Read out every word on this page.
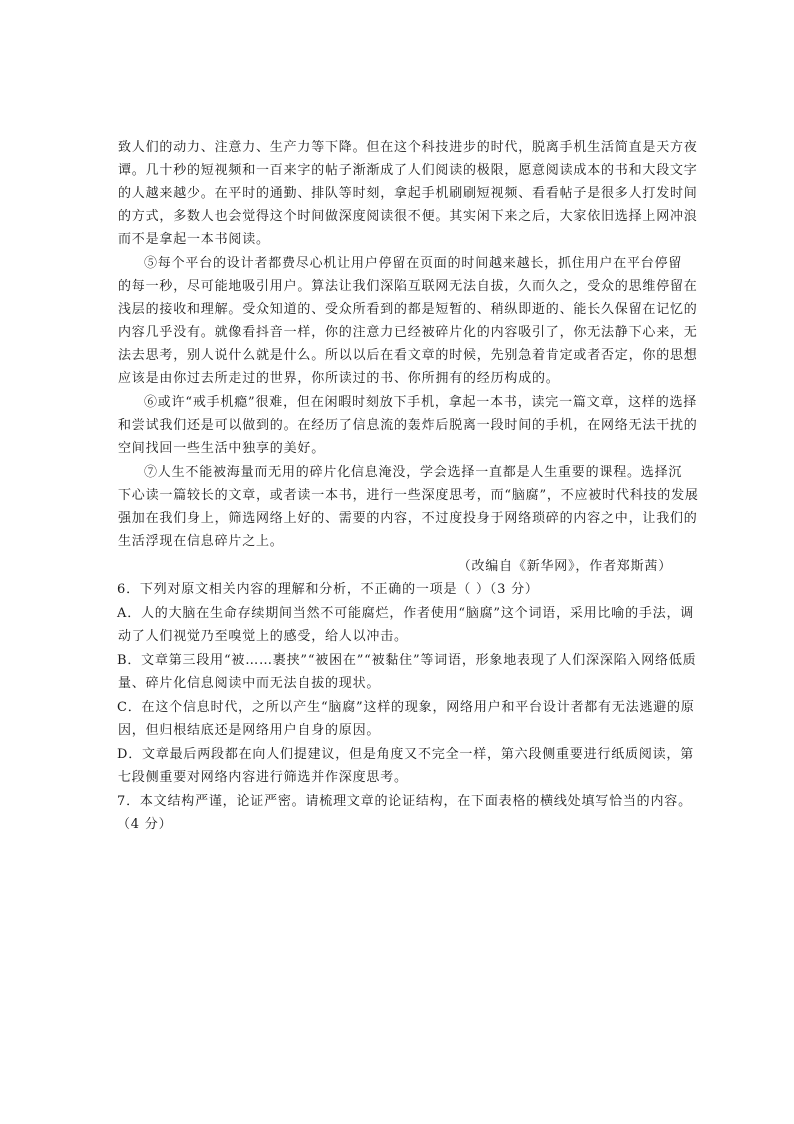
致人们的动力、注意力、生产力等下降。但在这个科技进步的时代，脱离手机生活简直是天方夜
谭。几十秒的短视频和一百来字的帖子渐渐成了人们阅读的极限，愿意阅读成本的书和大段文字
的人越来越少。在平时的通勤、排队等时刻，拿起手机刷刷短视频、看看帖子是很多人打发时间
的方式，多数人也会觉得这个时间做深度阅读很不便。其实闲下来之后，大家依旧选择上网冲浪
而不是拿起一本书阅读。
⑤每个平台的设计者都费尽心机让用户停留在页面的时间越来越长，抓住用户在平台停留
的每一秒，尽可能地吸引用户。算法让我们深陷互联网无法自拔，久而久之，受众的思维停留在
浅层的接收和理解。受众知道的、受众所看到的都是短暂的、稍纵即逝的、能长久保留在记忆的
内容几乎没有。就像看抖音一样，你的注意力已经被碎片化的内容吸引了，你无法静下心来，无
法去思考，别人说什么就是什么。所以以后在看文章的时候，先别急着肯定或者否定，你的思想
应该是由你过去所走过的世界，你所读过的书、你所拥有的经历构成的。
⑥或许“戒手机瘾”很难，但在闲暇时刻放下手机，拿起一本书，读完一篇文章，这样的选择
和尝试我们还是可以做到的。在经历了信息流的轰炸后脱离一段时间的手机，在网络无法干扰的
空间找回一些生活中独享的美好。
⑦人生不能被海量而无用的碎片化信息淹没，学会选择一直都是人生重要的课程。选择沉
下心读一篇较长的文章，或者读一本书，进行一些深度思考，而“脑腐”，不应被时代科技的发展
强加在我们身上，筛选网络上好的、需要的内容，不过度投身于网络琐碎的内容之中，让我们的
生活浮现在信息碎片之上。
（改编自《新华网》，作者郑斯茜）
6．下列对原文相关内容的理解和分析，不正确的一项是（ ）（3 分）
A．人的大脑在生命存续期间当然不可能腐烂，作者使用“脑腐”这个词语，采用比喻的手法，调
动了人们视觉乃至嗅觉上的感受，给人以冲击。
B．文章第三段用“被……裹挟”“被困在”“被黏住”等词语，形象地表现了人们深深陷入网络低质
量、碎片化信息阅读中而无法自拔的现状。
C．在这个信息时代，之所以产生“脑腐”这样的现象，网络用户和平台设计者都有无法逃避的原
因，但归根结底还是网络用户自身的原因。
D．文章最后两段都在向人们提建议，但是角度又不完全一样，第六段侧重要进行纸质阅读，第
七段侧重要对网络内容进行筛选并作深度思考。
7．本文结构严谨，论证严密。请梳理文章的论证结构，在下面表格的横线处填写恰当的内容。
（4 分）
